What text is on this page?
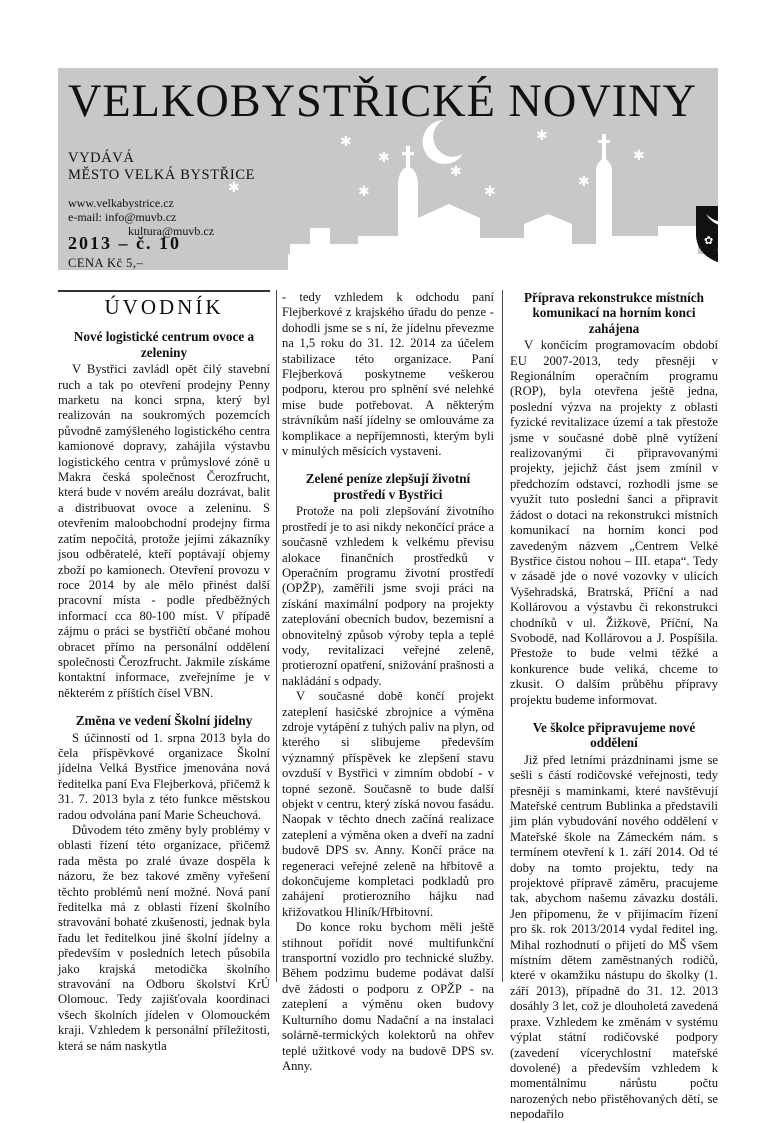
✱
✱
✱
✱
✱
✱
✱
✱
✱
VELKOBYSTŘICKÉ NOVINY
VYDÁVÁ
MĚSTO VELKÁ BYSTŘICE
www.velkabystrice.cz
e-mail: info@muvb.cz
kultura@muvb.cz
2013 – č. 10
CENA Kč 5,–
✿
✿
✿
ÚVODNÍK
Nové logistické centrum ovoce a zeleniny

V Bystřici zavládl opět čilý stavební ruch a tak po otevření prodejny Penny marketu na konci srpna, který byl realizován na soukromých pozemcích původně zamýšleného logistického centra kamionové dopravy, zahájila výstavbu logistického centra v průmyslové zóně u Makra česká společnost Čerozfrucht, která bude v novém areálu dozrávat, balit a distribuovat ovoce a zeleninu. S otevřením maloobchodní prodejny firma zatím nepočítá, protože jejími zákazníky jsou odběratelé, kteří poptávají objemy zboží po kamionech. Otevření provozu v roce 2014 by ale mělo přinést další pracovní místa - podle předběžných informací cca 80-100 míst. V případě zájmu o práci se bystřičtí občané mohou obracet přímo na personální oddělení společnosti Čerozfrucht. Jakmile získáme kontaktní informace, zveřejníme je v některém z příštích čísel VBN.

Změna ve vedení Školní jídelny

S účinností od 1. srpna 2013 byla do čela příspěvkové organizace Školní jídelna Velká Bystřice jmenována nová ředitelka paní Eva Flejberková, přičemž k 31. 7. 2013 byla z této funkce městskou radou odvolána paní Marie Scheuchová.

Důvodem této změny byly problémy v oblasti řízení této organizace, přičemž rada města po zralé úvaze dospěla k názoru, že bez takové změny vyřešení těchto problémů není možné. Nová paní ředitelka má z oblasti řízení školního stravování bohaté zkušenosti, jednak byla řadu let ředitelkou jiné školní jídelny a především v posledních letech působila jako krajská metodička školního stravování na Odboru školství KrÚ Olomouc. Tedy zajišťovala koordinaci všech školních jídelen v Olomouckém kraji. Vzhledem k personální příležitosti, která se nám naskytla

- tedy vzhledem k odchodu paní Flejberkové z krajského úřadu do penze - dohodli jsme se s ní, že jídelnu převezme na 1,5 roku do 31. 12. 2014 za účelem stabilizace této organizace. Paní Flejberková poskytneme veškerou podporu, kterou pro splnění své nelehké mise bude potřebovat. A některým strávníkům naší jídelny se omlouváme za komplikace a nepříjemnosti, kterým byli v minulých měsících vystaveni.

Zelené peníze zlepšují životní prostředí v Bystřici

Protože na poli zlepšování životního prostředí je to asi nikdy nekončící práce a současně vzhledem k velkému převisu alokace finančních prostředků v Operačním programu životní prostředí (OPŽP), zaměřili jsme svoji práci na získání maximální podpory na projekty zateplování obecních budov, bezemisní a obnovitelný způsob výroby tepla a teplé vody, revitalizaci veřejné zeleně, protierozní opatření, snižování prašnosti a nakládání s odpady.

V současné době končí projekt zateplení hasičské zbrojnice a výměna zdroje vytápění z tuhých paliv na plyn, od kterého si slibujeme především významný příspěvek ke zlepšení stavu ovzduší v Bystřici v zimním období - v topné sezoně. Současně to bude další objekt v centru, který získá novou fasádu. Naopak v těchto dnech začíná realizace zateplení a výměna oken a dveří na zadní budově DPS sv. Anny. Končí práce na regeneraci veřejné zeleně na hřbitově a dokončujeme kompletaci podkladů pro zahájení protierozního hájku nad křižovatkou Hliník/Hřbitovní.

Do konce roku bychom měli ještě stihnout pořídit nové multifunkční transportní vozidlo pro technické služby. Během podzimu budeme podávat další dvě žádosti o podporu z OPŽP - na zateplení a výměnu oken budovy Kulturního domu Nadační a na instalaci solárně-termických kolektorů na ohřev teplé užitkové vody na budově DPS sv. Anny.

Příprava rekonstrukce místních komunikací na horním konci zahájena

V končícím programovacím období EU 2007-2013, tedy přesněji v Regionálním operačním programu (ROP), byla otevřena ještě jedna, poslední výzva na projekty z oblasti fyzické revitalizace území a tak přestože jsme v současné době plně vytížení realizovanými či připravovanými projekty, jejichž část jsem zmínil v předchozím odstavci, rozhodli jsme se využít tuto poslední šanci a připravit žádost o dotaci na rekonstrukci místních komunikací na horním konci pod zavedeným názvem „Centrem Velké Bystřice čistou nohou – III. etapa“. Tedy v zásadě jde o nové vozovky v ulicích Vyšehradská, Bratrská, Příční a nad Kollárovou a výstavbu či rekonstrukci chodníků v ul. Žižkově, Příční, Na Svobodě, nad Kollárovou a J. Pospíšila. Přestože to bude velmi těžké a konkurence bude veliká, chceme to zkusit. O dalším průběhu přípravy projektu budeme informovat.

Ve školce připravujeme nové oddělení

Již před letními prázdninami jsme se sešli s částí rodičovské veřejnosti, tedy přesněji s maminkami, které navštěvují Mateřské centrum Bublinka a představili jim plán vybudování nového oddělení v Mateřské škole na Zámeckém nám. s termínem otevření k 1. září 2014. Od té doby na tomto projektu, tedy na projektové přípravě záměru, pracujeme tak, abychom našemu závazku dostáli. Jen připomenu, že v přijímacím řízení pro šk. rok 2013/2014 vydal ředitel ing. Mihal rozhodnutí o přijetí do MŠ všem místním dětem zaměstnaných rodičů, které v okamžiku nástupu do školky (1. září 2013), případně do 31. 12. 2013 dosáhly 3 let, což je dlouholetá zavedená praxe. Vzhledem ke změnám v systému výplat státní rodičovské podpory (zavedení vícerychlostní mateřské dovolené) a především vzhledem k momentálnímu nárůstu počtu narozených nebo přistěhovaných dětí, se nepodařilo
